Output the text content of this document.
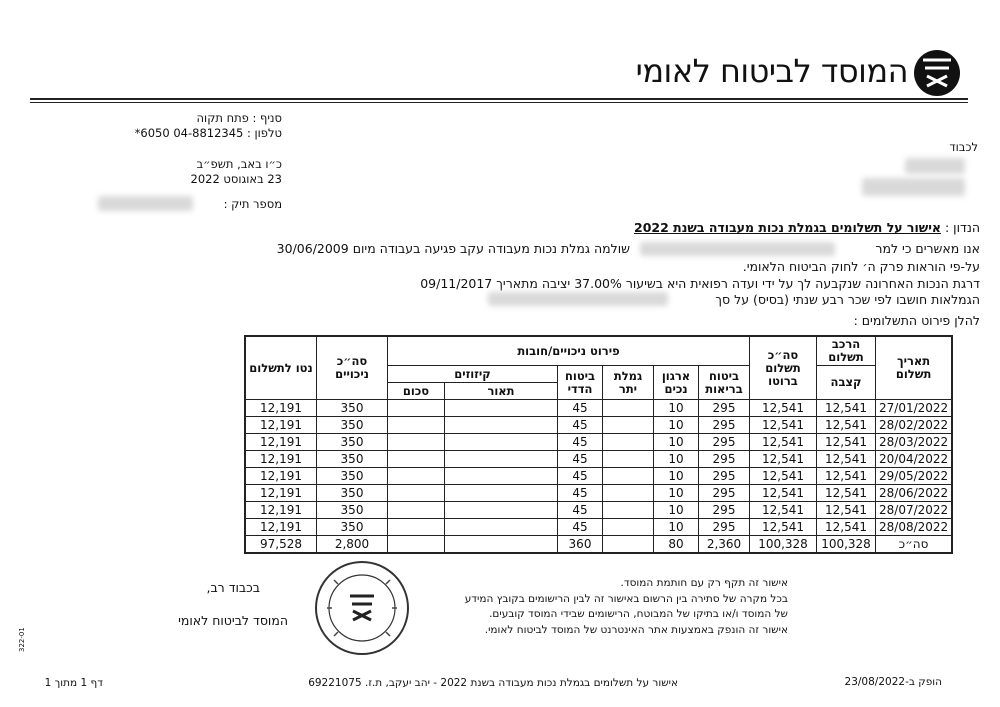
המוסד לביטוח לאומי
סניף : פתח תקוה
טלפון : 04-8812345 6050*
כ״ו באב, תשפ״ב
23 באוגוסט 2022
מספר תיק :
לכבוד
הנדון : אישור על תשלומים בגמלת נכות מעבודה בשנת 2022
אנו מאשרים כי למר
שולמה גמלת נכות מעבודה עקב פגיעה בעבודה מיום 30/06/2009
על-פי הוראות פרק ה׳ לחוק הביטוח הלאומי.
דרגת הנכות האחרונה שנקבעה לך על ידי ועדה רפואית היא בשיעור 37.00% יציבה מתאריך 09/11/2017
הגמלאות חושבו לפי שכר רבע שנתי (בסיס) על סך
להלן פירוט התשלומים :
תאריך תשלום	הרכב תשלום	סה״כ תשלום ברוטו	פירוט ניכויים/חובות						סה״כ ניכויים	נטו לתשלום
	קצבה		ביטוח בריאות	ארגון נכים	גמלת יתר	ביטוח הדדי	קיזוזים			
							תאור	סכום		
27/01/2022	12,541	12,541	295	10		45			350	12,191
28/02/2022	12,541	12,541	295	10		45			350	12,191
28/03/2022	12,541	12,541	295	10		45			350	12,191
20/04/2022	12,541	12,541	295	10		45			350	12,191
29/05/2022	12,541	12,541	295	10		45			350	12,191
28/06/2022	12,541	12,541	295	10		45			350	12,191
28/07/2022	12,541	12,541	295	10		45			350	12,191
28/08/2022	12,541	12,541	295	10		45			350	12,191
סה״כ	100,328	100,328	2,360	80		360			2,800	97,528
אישור זה תקף רק עם חותמת המוסד.
בכל מקרה של סתירה בין הרשום באישור זה לבין הרישומים בקובץ המידע
של המוסד ו/או בתיקו של המבוטח, הרישומים שבידי המוסד קובעים.
אישור זה הונפק באמצעות אתר האינטרנט של המוסד לביטוח לאומי.
בכבוד רב,
המוסד לביטוח לאומי
322-01
הופק ב-23/08/2022
אישור על תשלומים בגמלת נכות מעבודה בשנת 2022 - יהב יעקב, ת.ז. 69221075
דף 1 מתוך 1
